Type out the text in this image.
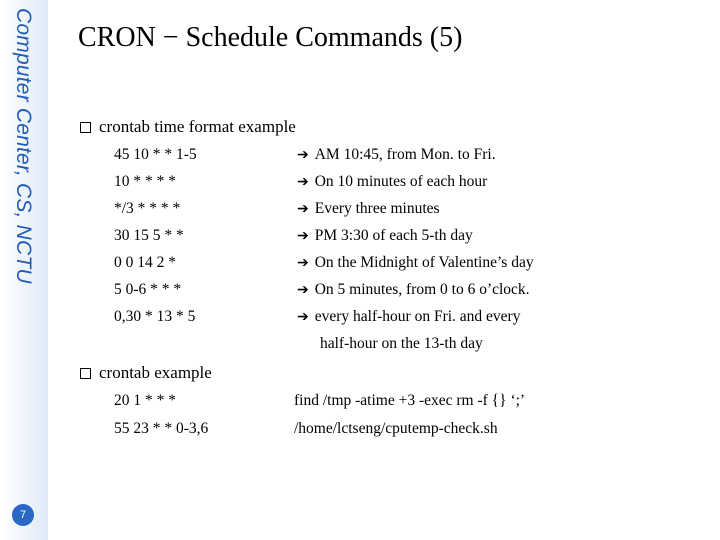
Computer Center, CS, NCTU
7
CRON − Schedule Commands (5)
crontab time format example
45 10 * * 1-5	➔ AM 10:45, from Mon. to Fri.
10 * * * *	➔ On 10 minutes of each hour
*/3 * * * *	➔ Every three minutes
30 15 5 * *	➔ PM 3:30 of each 5-th day
0 0 14 2 *	➔ On the Midnight of Valentine’s day
5 0-6 * * *	➔ On 5 minutes, from 0 to 6 o’clock.
0,30 * 13 * 5	➔ every half-hour on Fri. and every
half-hour on the 13-th day
crontab example
20 1 * * *	find /tmp -atime +3 -exec rm -f {} ‘;’
55 23 * * 0-3,6	/home/lctseng/cputemp-check.sh
